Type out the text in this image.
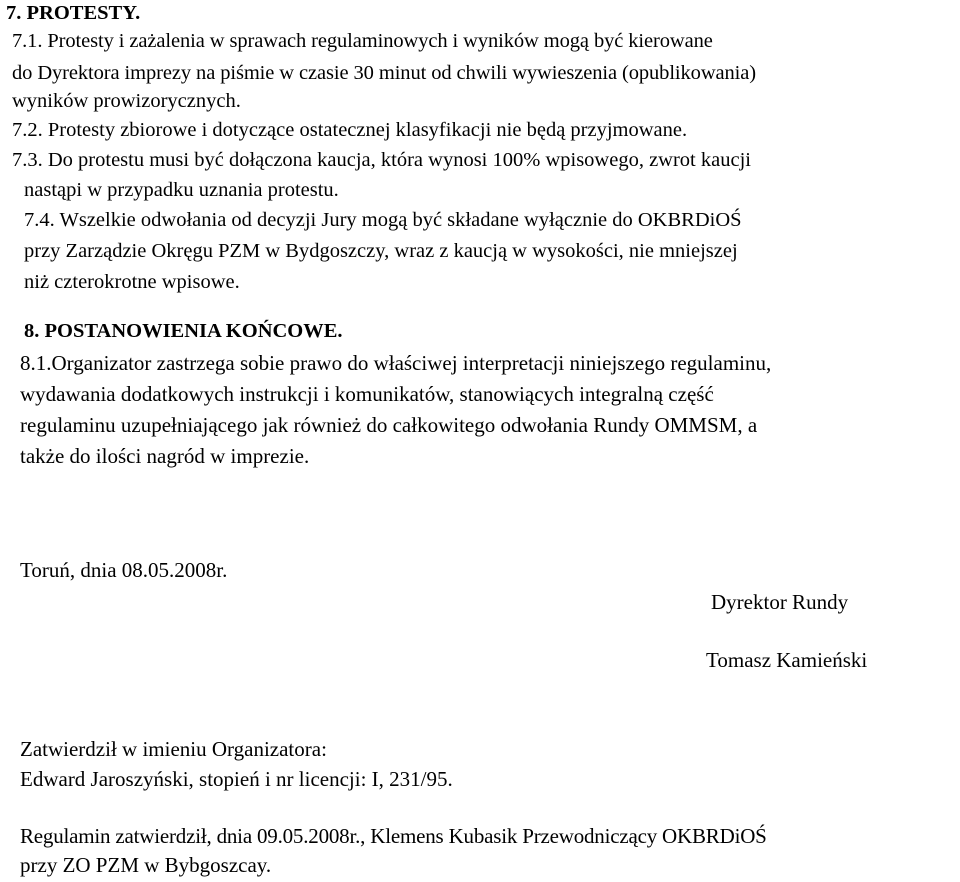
7. PROTESTY.
7.1. Protesty i zażalenia w sprawach regulaminowych i wyników mogą być kierowane
do Dyrektora imprezy na piśmie w czasie 30 minut od chwili wywieszenia (opublikowania)
wyników prowizorycznych.
7.2. Protesty zbiorowe i dotyczące ostatecznej klasyfikacji nie będą przyjmowane.
7.3. Do protestu musi być dołączona kaucja, która wynosi 100% wpisowego, zwrot kaucji
nastąpi w przypadku uznania protestu.
7.4. Wszelkie odwołania od decyzji Jury mogą być składane wyłącznie do OKBRDiOŚ
przy Zarządzie Okręgu PZM w Bydgoszczy, wraz z kaucją w wysokości, nie mniejszej
niż czterokrotne wpisowe.
8. POSTANOWIENIA KOŃCOWE.
8.1.Organizator zastrzega sobie prawo do właściwej interpretacji niniejszego regulaminu,
wydawania dodatkowych instrukcji i komunikatów, stanowiących integralną część
regulaminu uzupełniającego jak również do całkowitego odwołania Rundy OMMSM, a
także do ilości nagród w imprezie.
Toruń, dnia 08.05.2008r.
Dyrektor Rundy
Tomasz Kamieński
Zatwierdził w imieniu Organizatora:
Edward Jaroszyński, stopień i nr licencji: I, 231/95.
Regulamin zatwierdził, dnia 09.05.2008r., Klemens Kubasik Przewodniczący OKBRDiOŚ
przy ZO PZM w Bybgoszcay.
